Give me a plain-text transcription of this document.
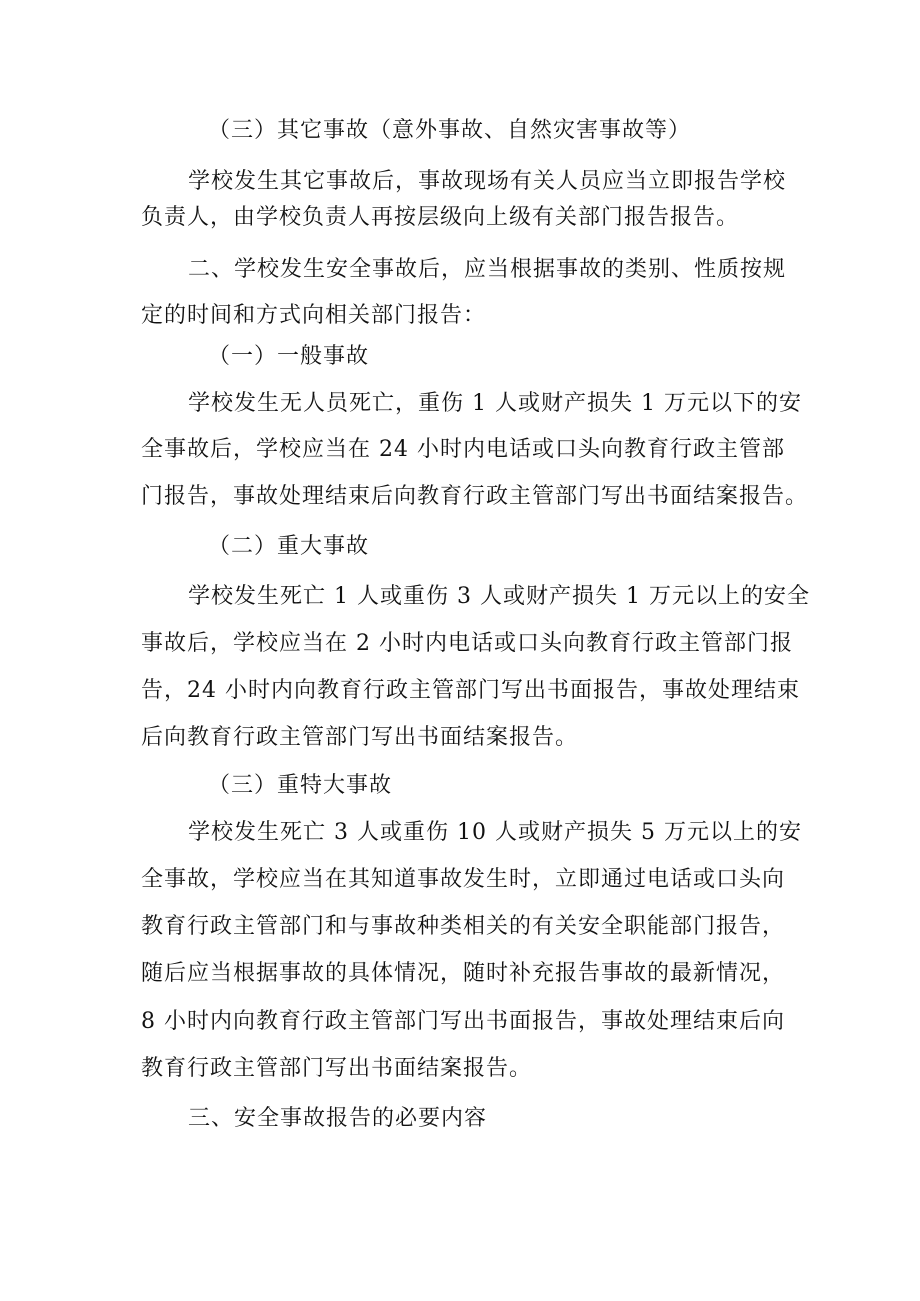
（三）其它事故（意外事故、自然灾害事故等）
学校发生其它事故后，事故现场有关人员应当立即报告学校
负责人，由学校负责人再按层级向上级有关部门报告报告。
二、学校发生安全事故后，应当根据事故的类别、性质按规
定的时间和方式向相关部门报告：
（一）一般事故
学校发生无人员死亡，重伤 1 人或财产损失 1 万元以下的安
全事故后，学校应当在 24 小时内电话或口头向教育行政主管部
门报告，事故处理结束后向教育行政主管部门写出书面结案报告。
（二）重大事故
学校发生死亡 1 人或重伤 3 人或财产损失 1 万元以上的安全
事故后，学校应当在 2 小时内电话或口头向教育行政主管部门报
告，24 小时内向教育行政主管部门写出书面报告，事故处理结束
后向教育行政主管部门写出书面结案报告。
（三）重特大事故
学校发生死亡 3 人或重伤 10 人或财产损失 5 万元以上的安
全事故，学校应当在其知道事故发生时，立即通过电话或口头向
教育行政主管部门和与事故种类相关的有关安全职能部门报告，
随后应当根据事故的具体情况，随时补充报告事故的最新情况，
8 小时内向教育行政主管部门写出书面报告，事故处理结束后向
教育行政主管部门写出书面结案报告。
三、安全事故报告的必要内容
